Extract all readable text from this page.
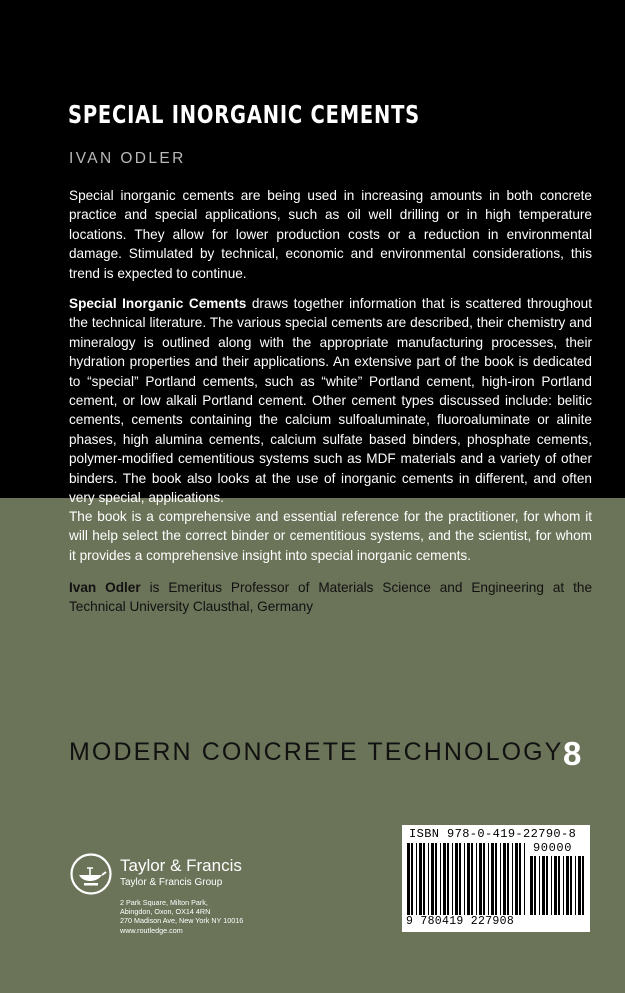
SPECIAL INORGANIC CEMENTS
IVAN ODLER

Special inorganic cements are being used in increasing amounts in both concrete practice and special applications, such as oil well drilling or in high temperature locations. They allow for lower production costs or a reduction in environmental damage. Stimulated by technical, economic and environmental considerations, this trend is expected to continue.

Special Inorganic Cements draws together information that is scattered throughout the technical literature. The various special cements are described, their chemistry and mineralogy is outlined along with the appropriate manufacturing processes, their hydration properties and their applications. An extensive part of the book is dedicated to “special” Portland cements, such as “white” Portland cement, high-iron Portland cement, or low alkali Portland cement. Other cement types discussed include: belitic cements, cements containing the calcium sulfoaluminate, fluoroaluminate or alinite phases, high alumina cements, calcium sulfate based binders, phosphate cements, polymer-modified cementitious systems such as MDF materials and a variety of other binders. The book also looks at the use of inorganic cements in different, and often very special, applications.

The book is a comprehensive and essential reference for the practitioner, for whom it will help select the correct binder or cementitious systems, and the scientist, for whom it provides a comprehensive insight into special inorganic cements.

Ivan Odler is Emeritus Professor of Materials Science and Engineering at the Technical University Clausthal, Germany

MODERN CONCRETE TECHNOLOGY 8
Taylor & Francis
Taylor & Francis Group
2 Park Square, Milton Park,
Abingdon, Oxon, OX14 4RN
270 Madison Ave, New York NY 10016
www.routledge.com
ISBN 978-0-419-22790-8
90000
9 780419 227908
